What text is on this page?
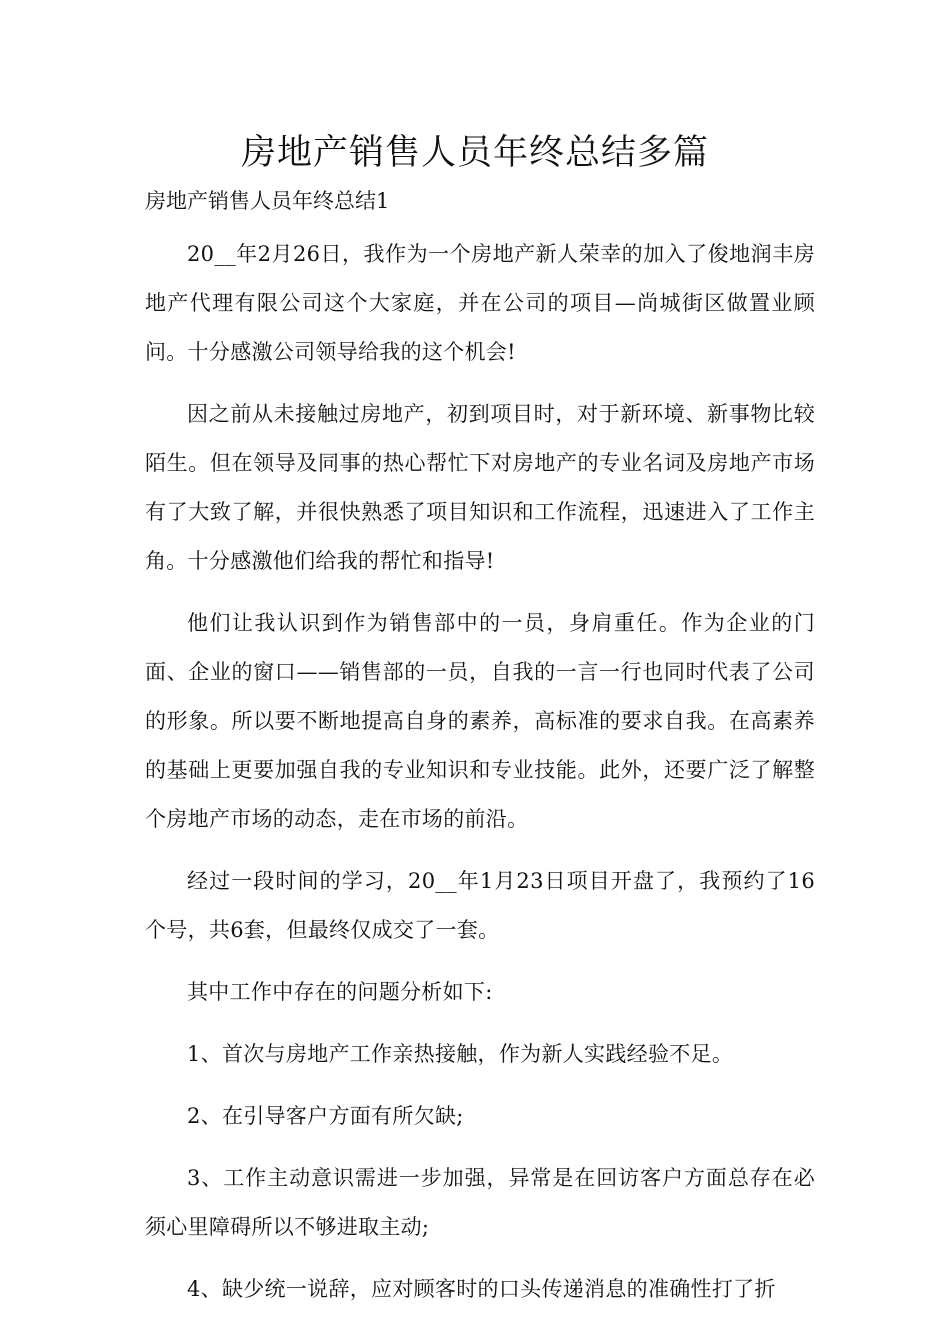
房地产销售人员年终总结多篇

房地产销售人员年终总结1

20__年2月26日，我作为一个房地产新人荣幸的加入了俊地润丰房地产代理有限公司这个大家庭，并在公司的项目—尚城街区做置业顾问。十分感激公司领导给我的这个机会!

因之前从未接触过房地产，初到项目时，对于新环境、新事物比较陌生。但在领导及同事的热心帮忙下对房地产的专业名词及房地产市场有了大致了解，并很快熟悉了项目知识和工作流程，迅速进入了工作主角。十分感激他们给我的帮忙和指导!

他们让我认识到作为销售部中的一员，身肩重任。作为企业的门面、企业的窗口——销售部的一员，自我的一言一行也同时代表了公司的形象。所以要不断地提高自身的素养，高标准的要求自我。在高素养的基础上更要加强自我的专业知识和专业技能。此外，还要广泛了解整个房地产市场的动态，走在市场的前沿。

经过一段时间的学习，20__年1月23日项目开盘了，我预约了16个号，共6套，但最终仅成交了一套。

其中工作中存在的问题分析如下:

1、首次与房地产工作亲热接触，作为新人实践经验不足。

2、在引导客户方面有所欠缺;

3、工作主动意识需进一步加强，异常是在回访客户方面总存在必须心里障碍所以不够进取主动;

4、缺少统一说辞，应对顾客时的口头传递消息的准确性打了折
